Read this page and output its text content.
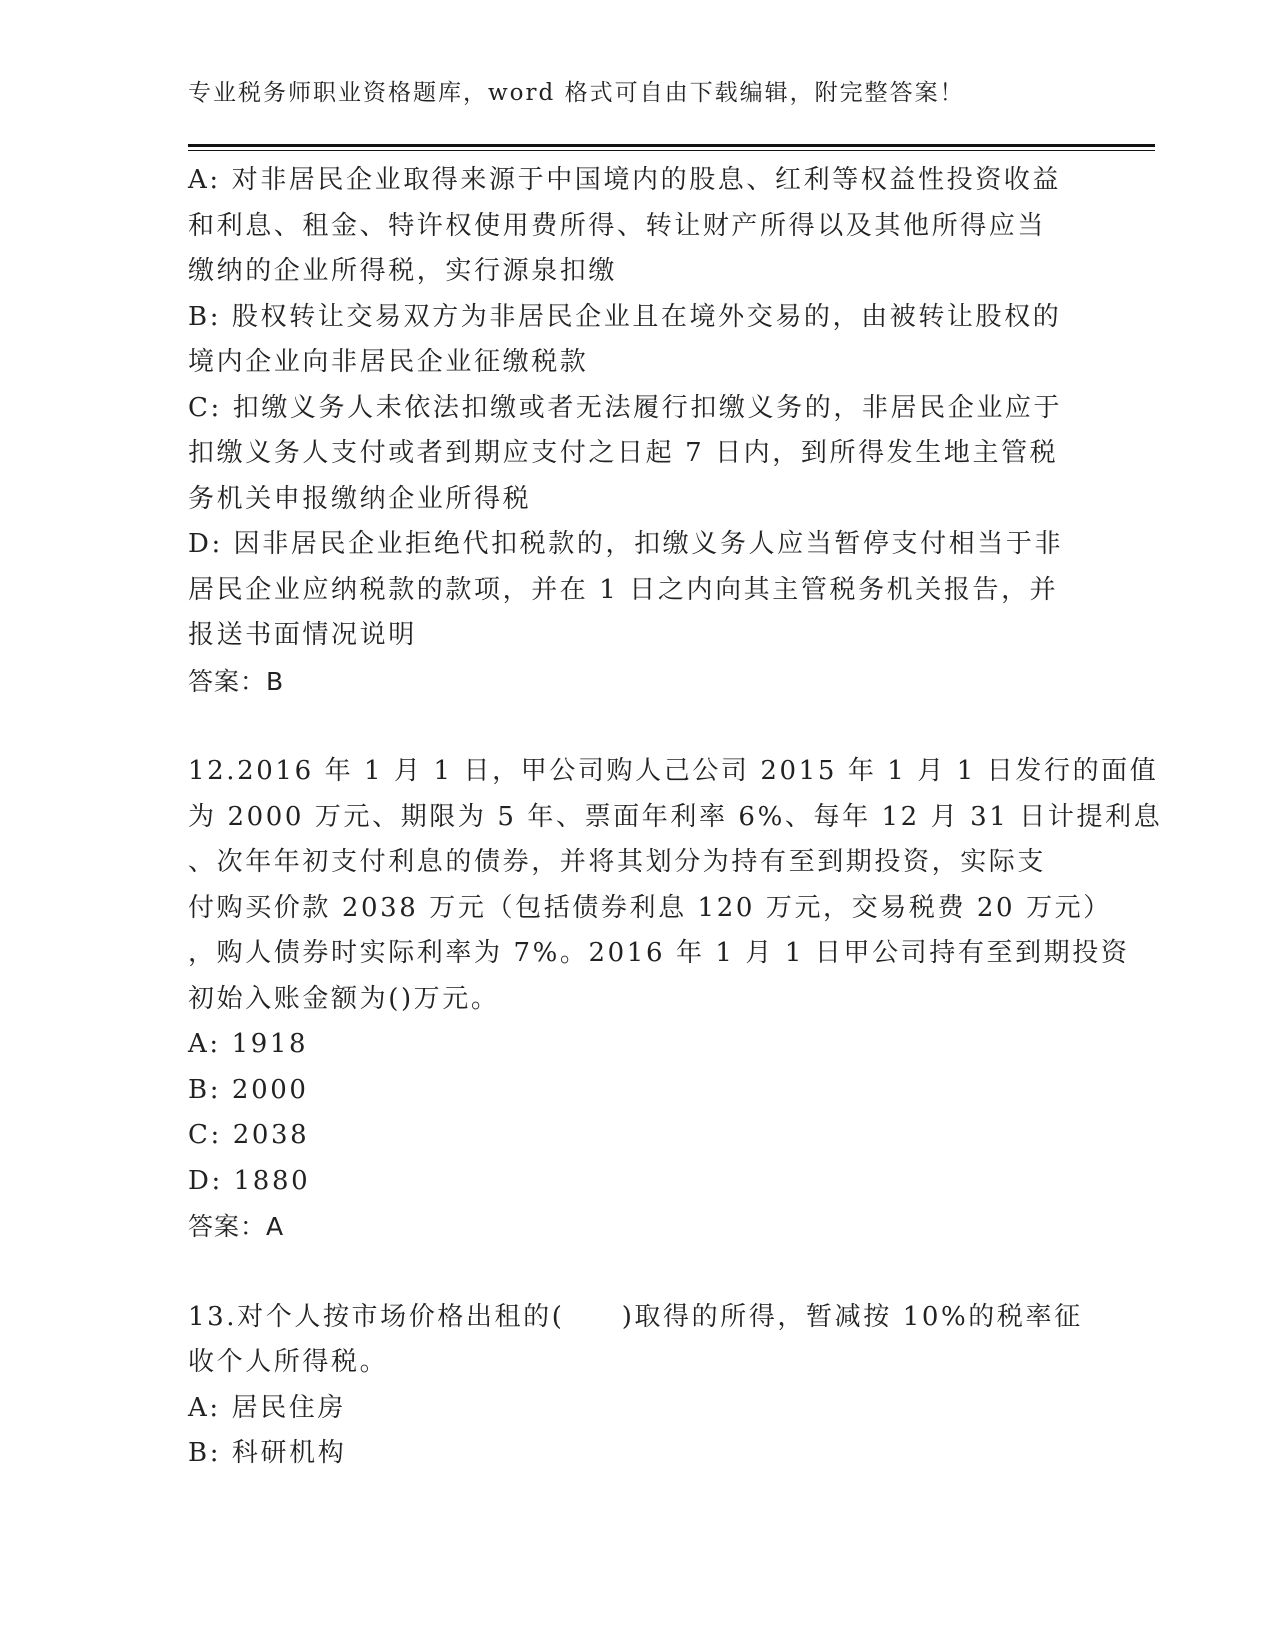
专业税务师职业资格题库，word 格式可自由下载编辑，附完整答案！
A: 对非居民企业取得来源于中国境内的股息、红利等权益性投资收益
和利息、租金、特许权使用费所得、转让财产所得以及其他所得应当
缴纳的企业所得税，实行源泉扣缴
B: 股权转让交易双方为非居民企业且在境外交易的，由被转让股权的
境内企业向非居民企业征缴税款
C: 扣缴义务人未依法扣缴或者无法履行扣缴义务的，非居民企业应于
扣缴义务人支付或者到期应支付之日起 7 日内，到所得发生地主管税
务机关申报缴纳企业所得税
D: 因非居民企业拒绝代扣税款的，扣缴义务人应当暂停支付相当于非
居民企业应纳税款的款项，并在 1 日之内向其主管税务机关报告，并
报送书面情况说明
答案：B
12.2016 年 1 月 1 日，甲公司购人己公司 2015 年 1 月 1 日发行的面值
为 2000 万元、期限为 5 年、票面年利率 6%、每年 12 月 31 日计提利息
、次年年初支付利息的债券，并将其划分为持有至到期投资，实际支
付购买价款 2038 万元（包括债券利息 120 万元，交易税费 20 万元）
，购人债券时实际利率为 7%。2016 年 1 月 1 日甲公司持有至到期投资
初始入账金额为()万元。
A: 1918
B: 2000
C: 2038
D: 1880
答案：A
13.对个人按市场价格出租的(　　)取得的所得，暂减按 10%的税率征
收个人所得税。
A: 居民住房
B: 科研机构
